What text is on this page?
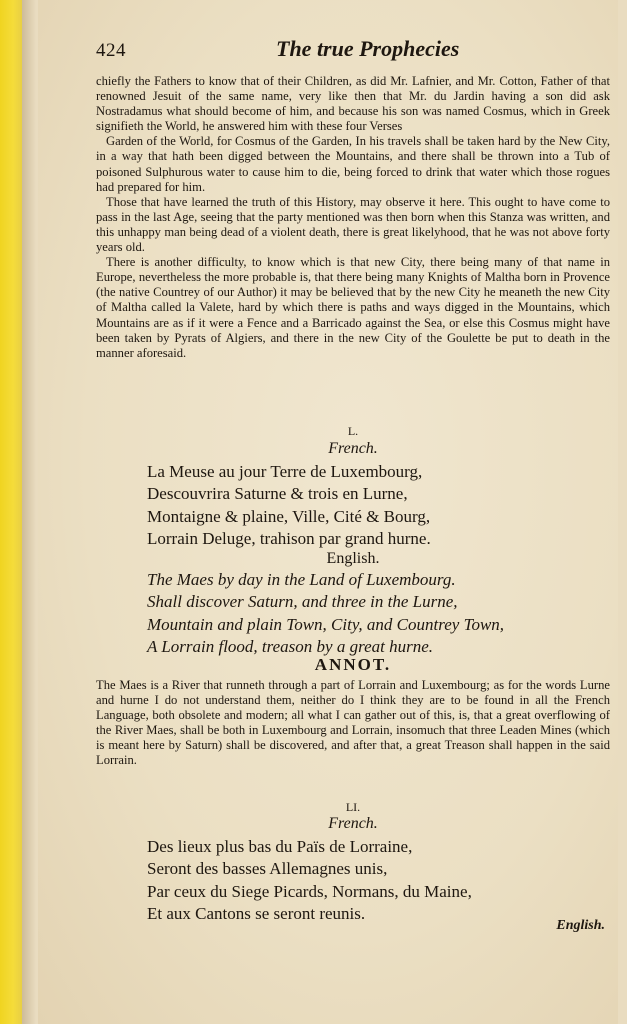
424	The true Prophecies

chiefly the Fathers to know that of their Children, as did Mr. Lafnier, and Mr. Cotton, Father of that renowned Jesuit of the same name, very like then that Mr. du Jardin having a son did ask Nostradamus what should become of him, and because his son was named Cosmus, which in Greek signifieth the World, he answered him with these four Verses

Garden of the World, for Cosmus of the Garden, In his travels shall be taken hard by the New City, in a way that hath been digged between the Mountains, and there shall be thrown into a Tub of poisoned Sulphurous water to cause him to die, being forced to drink that water which those rogues had prepared for him.

Those that have learned the truth of this History, may observe it here. This ought to have come to pass in the last Age, seeing that the party mentioned was then born when this Stanza was written, and this unhappy man being dead of a violent death, there is great likelyhood, that he was not above forty years old.

There is another difficulty, to know which is that new City, there being many of that name in Europe, nevertheless the more probable is, that there being many Knights of Maltha born in Provence (the native Countrey of our Author) it may be believed that by the new City he meaneth the new City of Maltha called la Valete, hard by which there is paths and ways digged in the Mountains, which Mountains are as if it were a Fence and a Barricado against the Sea, or else this Cosmus might have been taken by Pyrats of Algiers, and there in the new City of the Goulette be put to death in the manner aforesaid.

L.
French.
La Meuse au jour Terre de Luxembourg,
Descouvrira Saturne & trois en Lurne,
Montaigne & plaine, Ville, Cité & Bourg,
Lorrain Deluge, trahison par grand hurne.
English.
The Maes by day in the Land of Luxembourg.
Shall discover Saturn, and three in the Lurne,
Mountain and plain Town, City, and Countrey Town,
A Lorrain flood, treason by a great hurne.
ANNOT.

The Maes is a River that runneth through a part of Lorrain and Luxembourg; as for the words Lurne and hurne I do not understand them, neither do I think they are to be found in all the French Language, both obsolete and modern; all what I can gather out of this, is, that a great overflowing of the River Maes, shall be both in Luxembourg and Lorrain, insomuch that three Leaden Mines (which is meant here by Saturn) shall be discovered, and after that, a great Treason shall happen in the said Lorrain.

LI.
French.
Des lieux plus bas du Païs de Lorraine,
Seront des basses Allemagnes unis,
Par ceux du Siege Picards, Normans, du Maine,
Et aux Cantons se seront reunis.
English.
